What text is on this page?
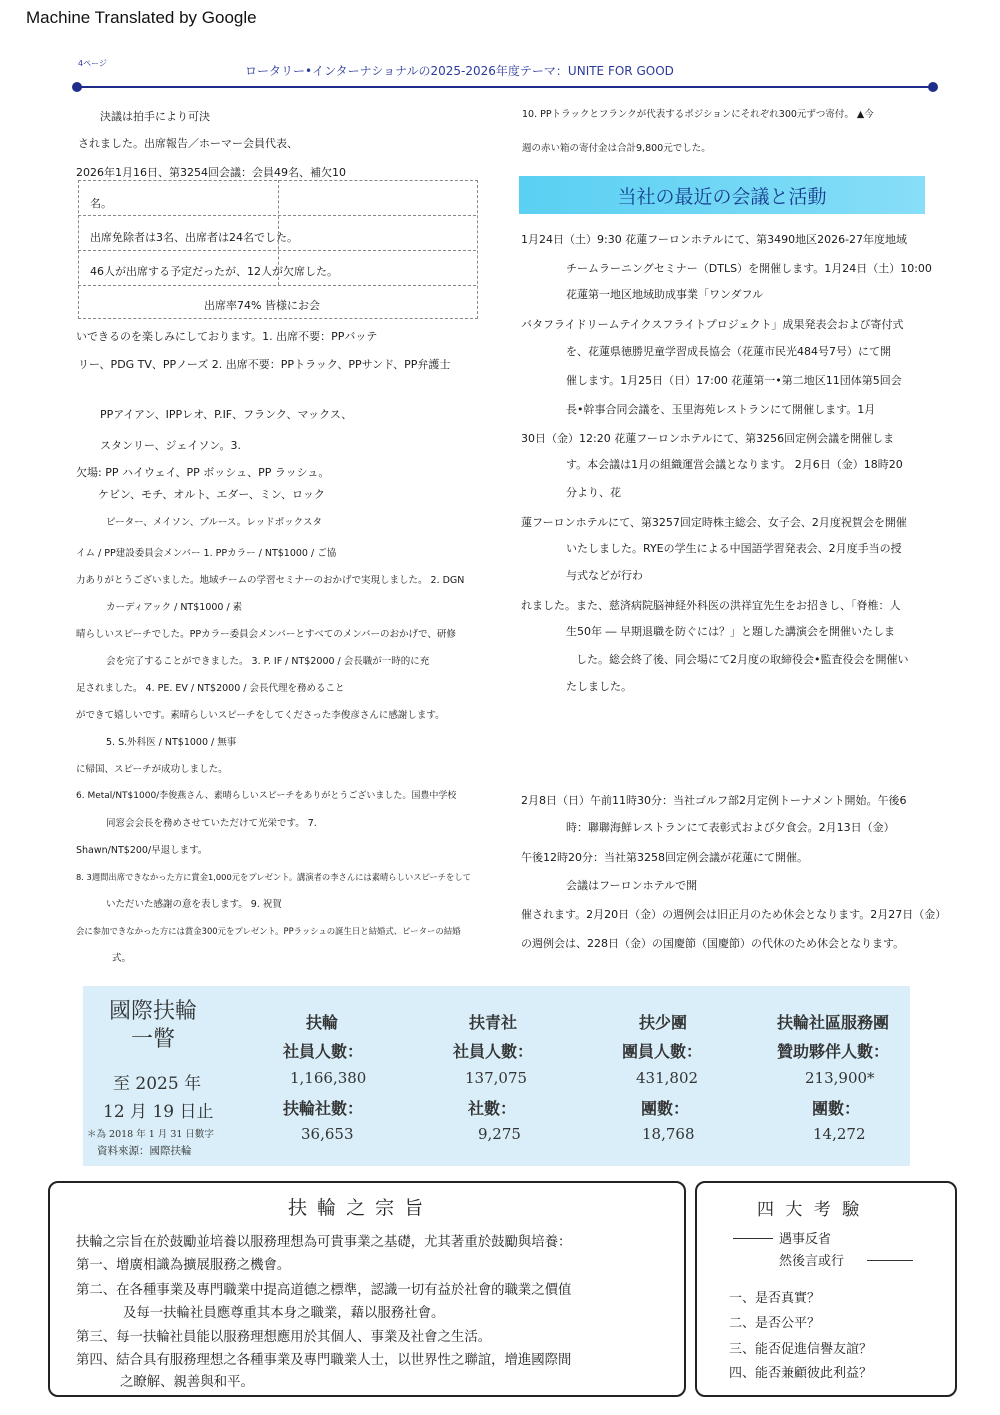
Machine Translated by Google
4ページ
ロータリー•インターナショナルの2025-2026年度テーマ：UNITE FOR GOOD
決議は拍手により可決
されました。出席報告／ホーマー会員代表、
2026年1月16日、第3254回会議：会員49名、補欠10
名。
出席免除者は3名、出席者は24名でした。
46人が出席する予定だったが、12人が欠席した。
出席率74% 皆様にお会
いできるのを楽しみにしております。1. 出席不要：PPバッテ
リー、PDG TV、PPノーズ 2. 出席不要：PPトラック、PPサンド、PP弁護士
PPアイアン、IPPレオ、P.IF、フランク、マックス、
スタンリー、ジェイソン。3.
欠場: PP ハイウェイ、PP ボッシュ、PP ラッシュ。
ケビン、モチ、オルト、エダー、ミン、ロック
ピーター、メイソン、ブルース。レッドボックスタ
イム / PP建設委員会メンバー 1. PPカラー / NT$1000 / ご協
力ありがとうございました。地域チームの学習セミナーのおかげで実現しました。 2. DGN
カーディアック / NT$1000 / 素
晴らしいスピーチでした。PPカラー委員会メンバーとすべてのメンバーのおかげで、研修
会を完了することができました。 3. P. IF / NT$2000 / 会長職が一時的に充
足されました。 4. PE. EV / NT$2000 / 会長代理を務めること
ができて嬉しいです。素晴らしいスピーチをしてくださった李俊彦さんに感謝します。
5. S.外科医 / NT$1000 / 無事
に帰国、スピーチが成功しました。
6. Metal/NT$1000/李俊燕さん、素晴らしいスピーチをありがとうございました。国豊中学校
同窓会会長を務めさせていただけて光栄です。 7.
Shawn/NT$200/早退します。
8. 3週間出席できなかった方に賞金1,000元をプレゼント。講演者の李さんには素晴らしいスピーチをして
いただいた感謝の意を表します。 9. 祝賀
会に参加できなかった方には賞金300元をプレゼント。PPラッシュの誕生日と結婚式、ピーターの結婚
式。
10. PPトラックとフランクが代表するポジションにそれぞれ300元ずつ寄付。 ▲今
週の赤い箱の寄付金は合計9,800元でした。
当社の最近の会議と活動
1月24日（土）9:30 花蓮フーロンホテルにて、第3490地区2026-27年度地域
チームラーニングセミナー（DTLS）を開催します。1月24日（土）10:00
花蓮第一地区地域助成事業「ワンダフル
バタフライドリームテイクスフライトプロジェクト」成果発表会および寄付式
を、花蓮県徳勝児童学習成長協会（花蓮市民光484号7号）にて開
催します。1月25日（日）17:00 花蓮第一•第二地区11団体第5回会
長•幹事合同会議を、玉里海苑レストランにて開催します。1月
30日（金）12:20 花蓮フーロンホテルにて、第3256回定例会議を開催しま
す。本会議は1月の組織運営会議となります。 2月6日（金）18時20
分より、花
蓮フーロンホテルにて、第3257回定時株主総会、女子会、2月度祝賀会を開催
いたしました。RYEの学生による中国語学習発表会、2月度手当の授
与式などが行わ
れました。また、慈済病院脳神経外科医の洪祥宜先生をお招きし、「脊椎：人
生50年 ― 早期退職を防ぐには？」と題した講演会を開催いたしま
した。総会終了後、同会場にて2月度の取締役会•監査役会を開催い
たしました。
2月8日（日）午前11時30分：当社ゴルフ部2月定例トーナメント開始。午後6
時：聯聯海鮮レストランにて表彰式および夕食会。2月13日（金）
午後12時20分：当社第3258回定例会議が花蓮にて開催。
会議はフーロンホテルで開
催されます。2月20日（金）の週例会は旧正月のため休会となります。2月27日（金）
の週例会は、228日（金）の国慶節（国慶節）の代休のため休会となります。
國際扶輪
一瞥
至 2025 年
12 月 19 日止
＊為 2018 年 1 月 31 日數字
資料來源：國際扶輪
扶輪
社員人數：
1,166,380
扶輪社數：
36,653
扶青社
社員人數：
137,075
社數：
9,275
扶少團
團員人數：
431,802
團數：
18,768
扶輪社區服務團
贊助夥伴人數：
213,900*
團數：
14,272
扶 輪 之 宗 旨
扶輪之宗旨在於鼓勵並培養以服務理想為可貴事業之基礎，尤其著重於鼓勵與培養：
第一、增廣相識為擴展服務之機會。
第二、在各種事業及專門職業中提高道德之標準，認識一切有益於社會的職業之價值
及每一扶輪社員應尊重其本身之職業，藉以服務社會。
第三、每一扶輪社員能以服務理想應用於其個人、事業及社會之生活。
第四、結合具有服務理想之各種事業及專門職業人士，以世界性之聯誼，增進國際間
之瞭解、親善與和平。
四 大 考 驗
遇事反省
然後言或行
一、是否真實？
二、是否公平？
三、能否促進信譽友誼？
四、能否兼顧彼此利益？
